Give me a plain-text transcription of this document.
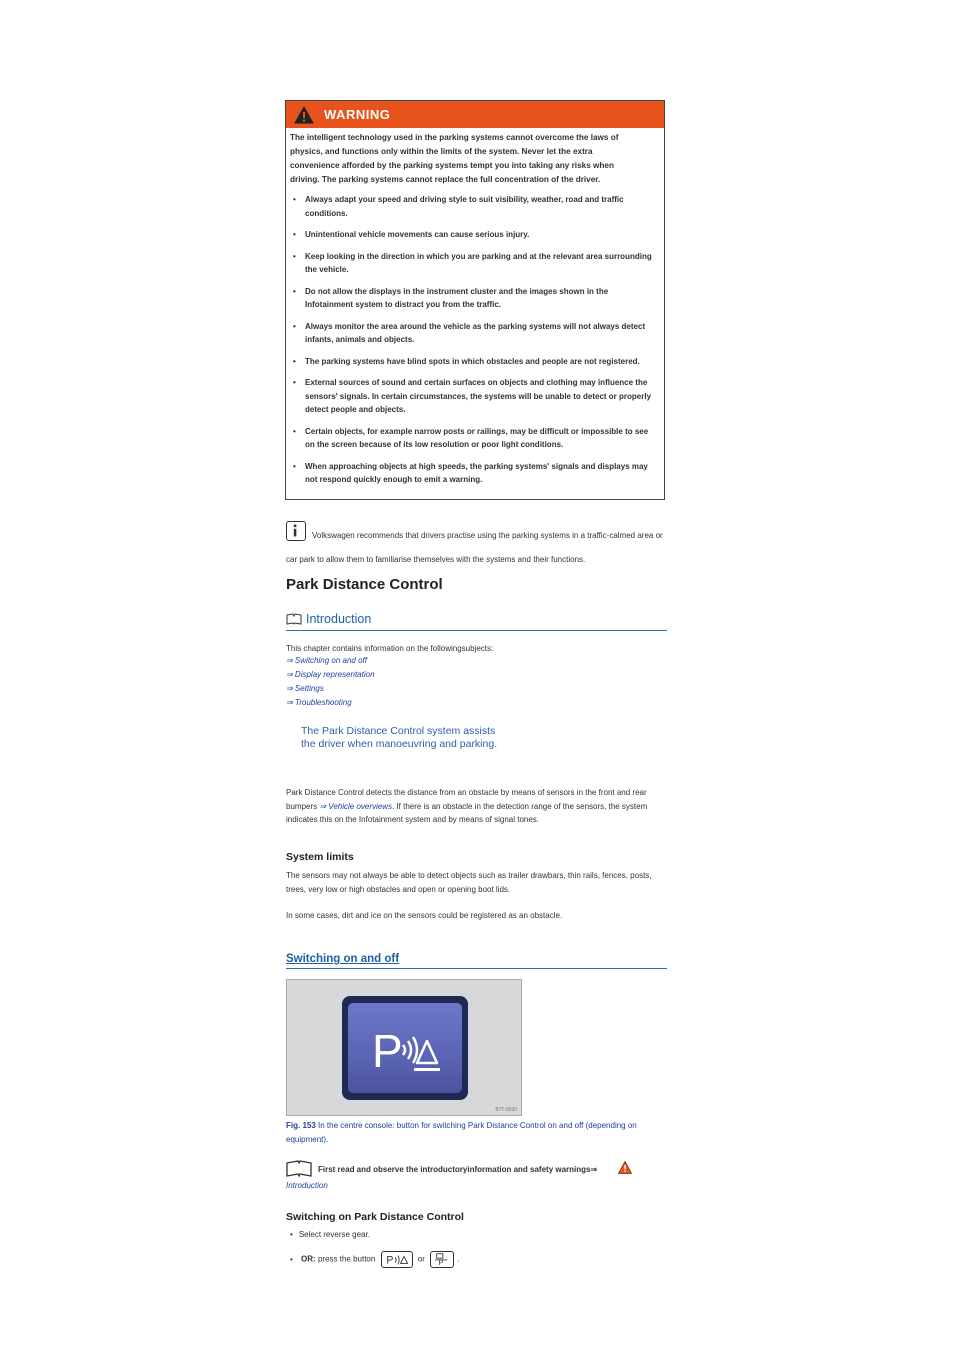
WARNING
The intelligent technology used in the parking systems cannot overcome the laws of physics, and functions only within the limits of the system. Never let the extra convenience afforded by the parking systems tempt you into taking any risks when driving. The parking systems cannot replace the full concentration of the driver.
• Always adapt your speed and driving style to suit visibility, weather, road and traffic conditions.
• Unintentional vehicle movements can cause serious injury.
• Keep looking in the direction in which you are parking and at the relevant area surrounding the vehicle.
• Do not allow the displays in the instrument cluster and the images shown in the Infotainment system to distract you from the traffic.
• Always monitor the area around the vehicle as the parking systems will not always detect infants, animals and objects.
• The parking systems have blind spots in which obstacles and people are not registered.
• External sources of sound and certain surfaces on objects and clothing may influence the sensors' signals. In certain circumstances, the systems will be unable to detect or properly detect people and objects.
• Certain objects, for example narrow posts or railings, may be difficult or impossible to see on the screen because of its low resolution or poor light conditions.
• When approaching objects at high speeds, the parking systems' signals and displays may not respond quickly enough to emit a warning.
Volkswagen recommends that drivers practise using the parking systems in a traffic-calmed area or car park to allow them to familiarise themselves with the systems and their functions.
Park Distance Control
Introduction
This chapter contains information on the followingsubjects:
⇒ Switching on and off
⇒ Display representation
⇒ Settings
⇒ Troubleshooting
The Park Distance Control system assists the driver when manoeuvring and parking.
Park Distance Control detects the distance from an obstacle by means of sensors in the front and rear bumpers ⇒ Vehicle overviews. If there is an obstacle in the detection range of the sensors, the system indicates this on the Infotainment system and by means of signal tones.
System limits
The sensors may not always be able to detect objects such as trailer drawbars, thin rails, fences, posts, trees, very low or high obstacles and open or opening boot lids.
In some cases, dirt and ice on the sensors could be registered as an obstacle.
Switching on and off
P
B7T-0530
Fig. 153 In the centre console: button for switching Park Distance Control on and off (depending on equipment).
First read and observe the introductoryinformation and safety warnings⇒
Introduction
Switching on Park Distance Control
• Select reverse gear.
• OR: press the button P	or
P
.
